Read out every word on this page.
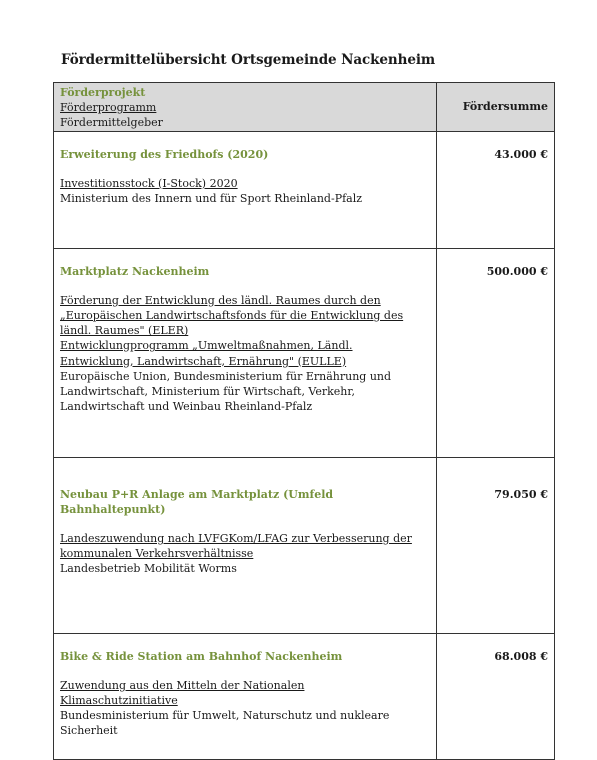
Fördermittelübersicht Ortsgemeinde Nackenheim
Förderprojekt
Förderprogramm
Fördermittelgeber	Fördersumme

Erweiterung des Friedhofs (2020)
Investitionsstock (I-Stock) 2020
Ministerium des Innern und für Sport Rheinland-Pfalz	43.000 €

Marktplatz Nackenheim
Förderung der Entwicklung des ländl. Raumes durch den „Europäischen Landwirtschaftsfonds für die Entwicklung des ländl. Raumes" (ELER)
Entwicklungprogramm „Umweltmaßnahmen, Ländl. Entwicklung, Landwirtschaft, Ernährung" (EULLE)
Europäische Union, Bundesministerium für Ernährung und Landwirtschaft, Ministerium für Wirtschaft, Verkehr, Landwirtschaft und Weinbau Rheinland-Pfalz	500.000 €

Neubau P+R Anlage am Marktplatz (Umfeld Bahnhaltepunkt)
Landeszuwendung nach LVFGKom/LFAG zur Verbesserung der kommunalen Verkehrsverhältnisse
Landesbetrieb Mobilität Worms	79.050 €

Bike & Ride Station am Bahnhof Nackenheim
Zuwendung aus den Mitteln der Nationalen Klimaschutzinitiative
Bundesministerium für Umwelt, Naturschutz und nukleare Sicherheit	68.008 €
